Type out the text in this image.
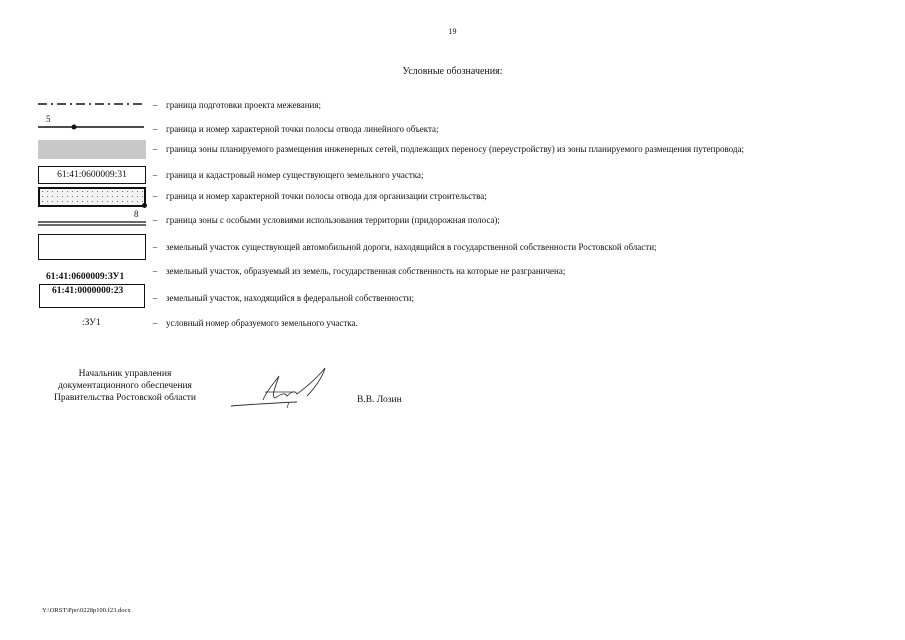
19
Условные обозначения:
– граница подготовки проекта межевания;
5
– граница и номер характерной точки полосы отвода линейного объекта;
– граница зоны планируемого размещения инженерных сетей, подлежащих переносу (переустройству) из зоны планируемого размещения путепровода;
61:41:0600009:31	– граница и кадастровый номер существующего земельного участка;
– граница и номер характерной точки полосы отвода для организации строительства;
8
– граница зоны с особыми условиями использования территории (придорожная полоса);
– земельный участок существующей автомобильной дороги, находящийся в государственной собственности Ростовской области;
61:41:0600009:ЗУ1
– земельный участок, образуемый из земель, государственная собственность на которые не разграничена;
61:41:0000000:23
– земельный участок, находящийся в федеральной собственности;
:ЗУ1	– условный номер образуемого земельного участка.
Начальник управления
документационного обеспечения
Правительства Ростовской области	В.В. Лозин
Y:\ORST\Ppo\0228p100.f23.docx
